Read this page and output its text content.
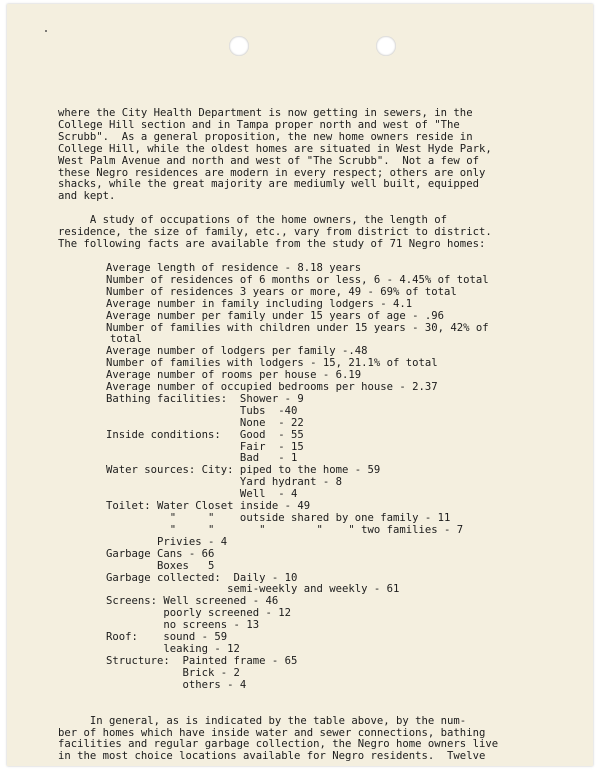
where the City Health Department is now getting in sewers, in the
College Hill section and in Tampa proper north and west of "The
Scrubb".  As a general proposition, the new home owners reside in
College Hill, while the oldest homes are situated in West Hyde Park,
West Palm Avenue and north and west of "The Scrubb".  Not a few of
these Negro residences are modern in every respect; others are only
shacks, while the great majority are mediumly well built, equipped
and kept.
A study of occupations of the home owners, the length of
residence, the size of family, etc., vary from district to district.
The following facts are available from the study of 71 Negro homes:
Average length of residence - 8.18 years
Number of residences of 6 months or less, 6 - 4.45% of total
Number of residences 3 years or more, 49 - 69% of total
Average number in family including lodgers - 4.1
Average number per family under 15 years of age - .96
Number of families with children under 15 years - 30, 42% of
total
Average number of lodgers per family -.48
Number of families with lodgers - 15, 21.1% of total
Average number of rooms per house - 6.19
Average number of occupied bedrooms per house - 2.37
Bathing facilities:  Shower - 9
Tubs  -40
None  - 22
Inside conditions:   Good  - 55
Fair  - 15
Bad   - 1
Water sources: City: piped to the home - 59
Yard hydrant - 8
Well  - 4
Toilet: Water Closet inside - 49
"     "    outside shared by one family - 11
"     "       "        "    " two families - 7
Privies - 4
Garbage Cans - 66
Boxes   5
Garbage collected:  Daily - 10
semi-weekly and weekly - 61
Screens: Well screened - 46
poorly screened - 12
no screens - 13
Roof:    sound - 59
leaking - 12
Structure:  Painted frame - 65
Brick - 2
others - 4
In general, as is indicated by the table above, by the num-
ber of homes which have inside water and sewer connections, bathing
facilities and regular garbage collection, the Negro home owners live
in the most choice locations available for Negro residents.  Twelve
